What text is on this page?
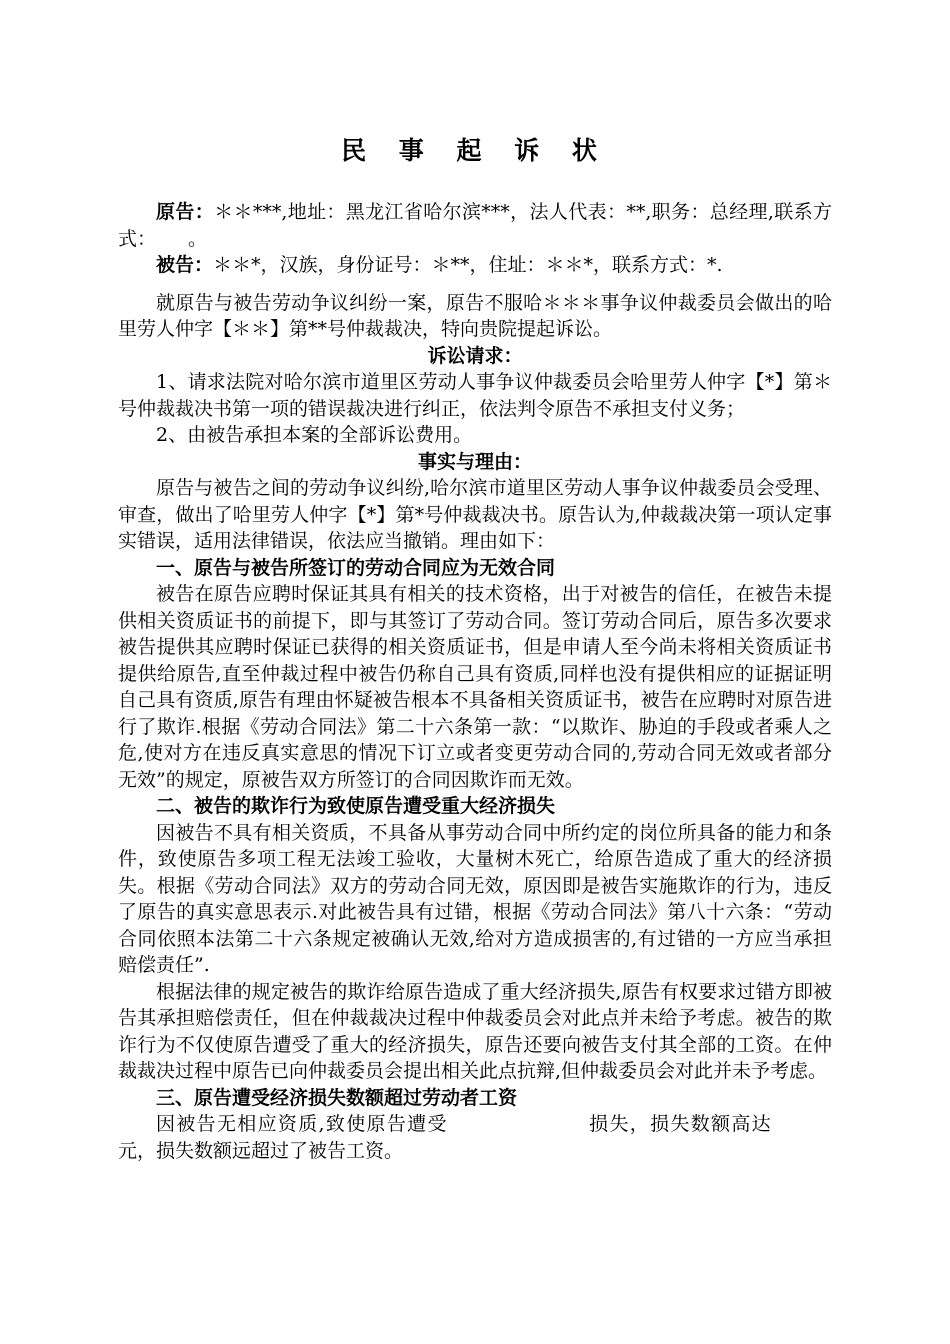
民 事 起 诉 状

原告：＊＊***,地址：黑龙江省哈尔滨***，法人代表：**,职务：总经理,联系方式： 。

被告：＊＊*，汉族，身份证号：＊**，住址：＊＊*，联系方式：*.

就原告与被告劳动争议纠纷一案，原告不服哈＊＊＊事争议仲裁委员会做出的哈里劳人仲字【＊＊】第**号仲裁裁决，特向贵院提起诉讼。

诉讼请求：

1、请求法院对哈尔滨市道里区劳动人事争议仲裁委员会哈里劳人仲字【*】第＊号仲裁裁决书第一项的错误裁决进行纠正，依法判令原告不承担支付义务；

2、由被告承担本案的全部诉讼费用。

事实与理由：

原告与被告之间的劳动争议纠纷,哈尔滨市道里区劳动人事争议仲裁委员会受理、审查，做出了哈里劳人仲字【*】第*号仲裁裁决书。原告认为,仲裁裁决第一项认定事实错误，适用法律错误，依法应当撤销。理由如下：

一、原告与被告所签订的劳动合同应为无效合同

被告在原告应聘时保证其具有相关的技术资格，出于对被告的信任，在被告未提供相关资质证书的前提下，即与其签订了劳动合同。签订劳动合同后，原告多次要求被告提供其应聘时保证已获得的相关资质证书，但是申请人至今尚未将相关资质证书提供给原告,直至仲裁过程中被告仍称自己具有资质,同样也没有提供相应的证据证明自己具有资质,原告有理由怀疑被告根本不具备相关资质证书，被告在应聘时对原告进行了欺诈.根据《劳动合同法》第二十六条第一款：“以欺诈、胁迫的手段或者乘人之危,使对方在违反真实意思的情况下订立或者变更劳动合同的,劳动合同无效或者部分无效”的规定，原被告双方所签订的合同因欺诈而无效。

二、被告的欺诈行为致使原告遭受重大经济损失

因被告不具有相关资质，不具备从事劳动合同中所约定的岗位所具备的能力和条件，致使原告多项工程无法竣工验收，大量树木死亡，给原告造成了重大的经济损失。根据《劳动合同法》双方的劳动合同无效，原因即是被告实施欺诈的行为，违反了原告的真实意思表示.对此被告具有过错，根据《劳动合同法》第八十六条：“劳动合同依照本法第二十六条规定被确认无效,给对方造成损害的,有过错的一方应当承担赔偿责任”.

根据法律的规定被告的欺诈给原告造成了重大经济损失,原告有权要求过错方即被告其承担赔偿责任，但在仲裁裁决过程中仲裁委员会对此点并未给予考虑。被告的欺诈行为不仅使原告遭受了重大的经济损失，原告还要向被告支付其全部的工资。在仲裁裁决过程中原告已向仲裁委员会提出相关此点抗辩,但仲裁委员会对此并未予考虑。

三、原告遭受经济损失数额超过劳动者工资

因被告无相应资质,致使原告遭受	损失，损失数额高达元，损失数额远超过了被告工资。
